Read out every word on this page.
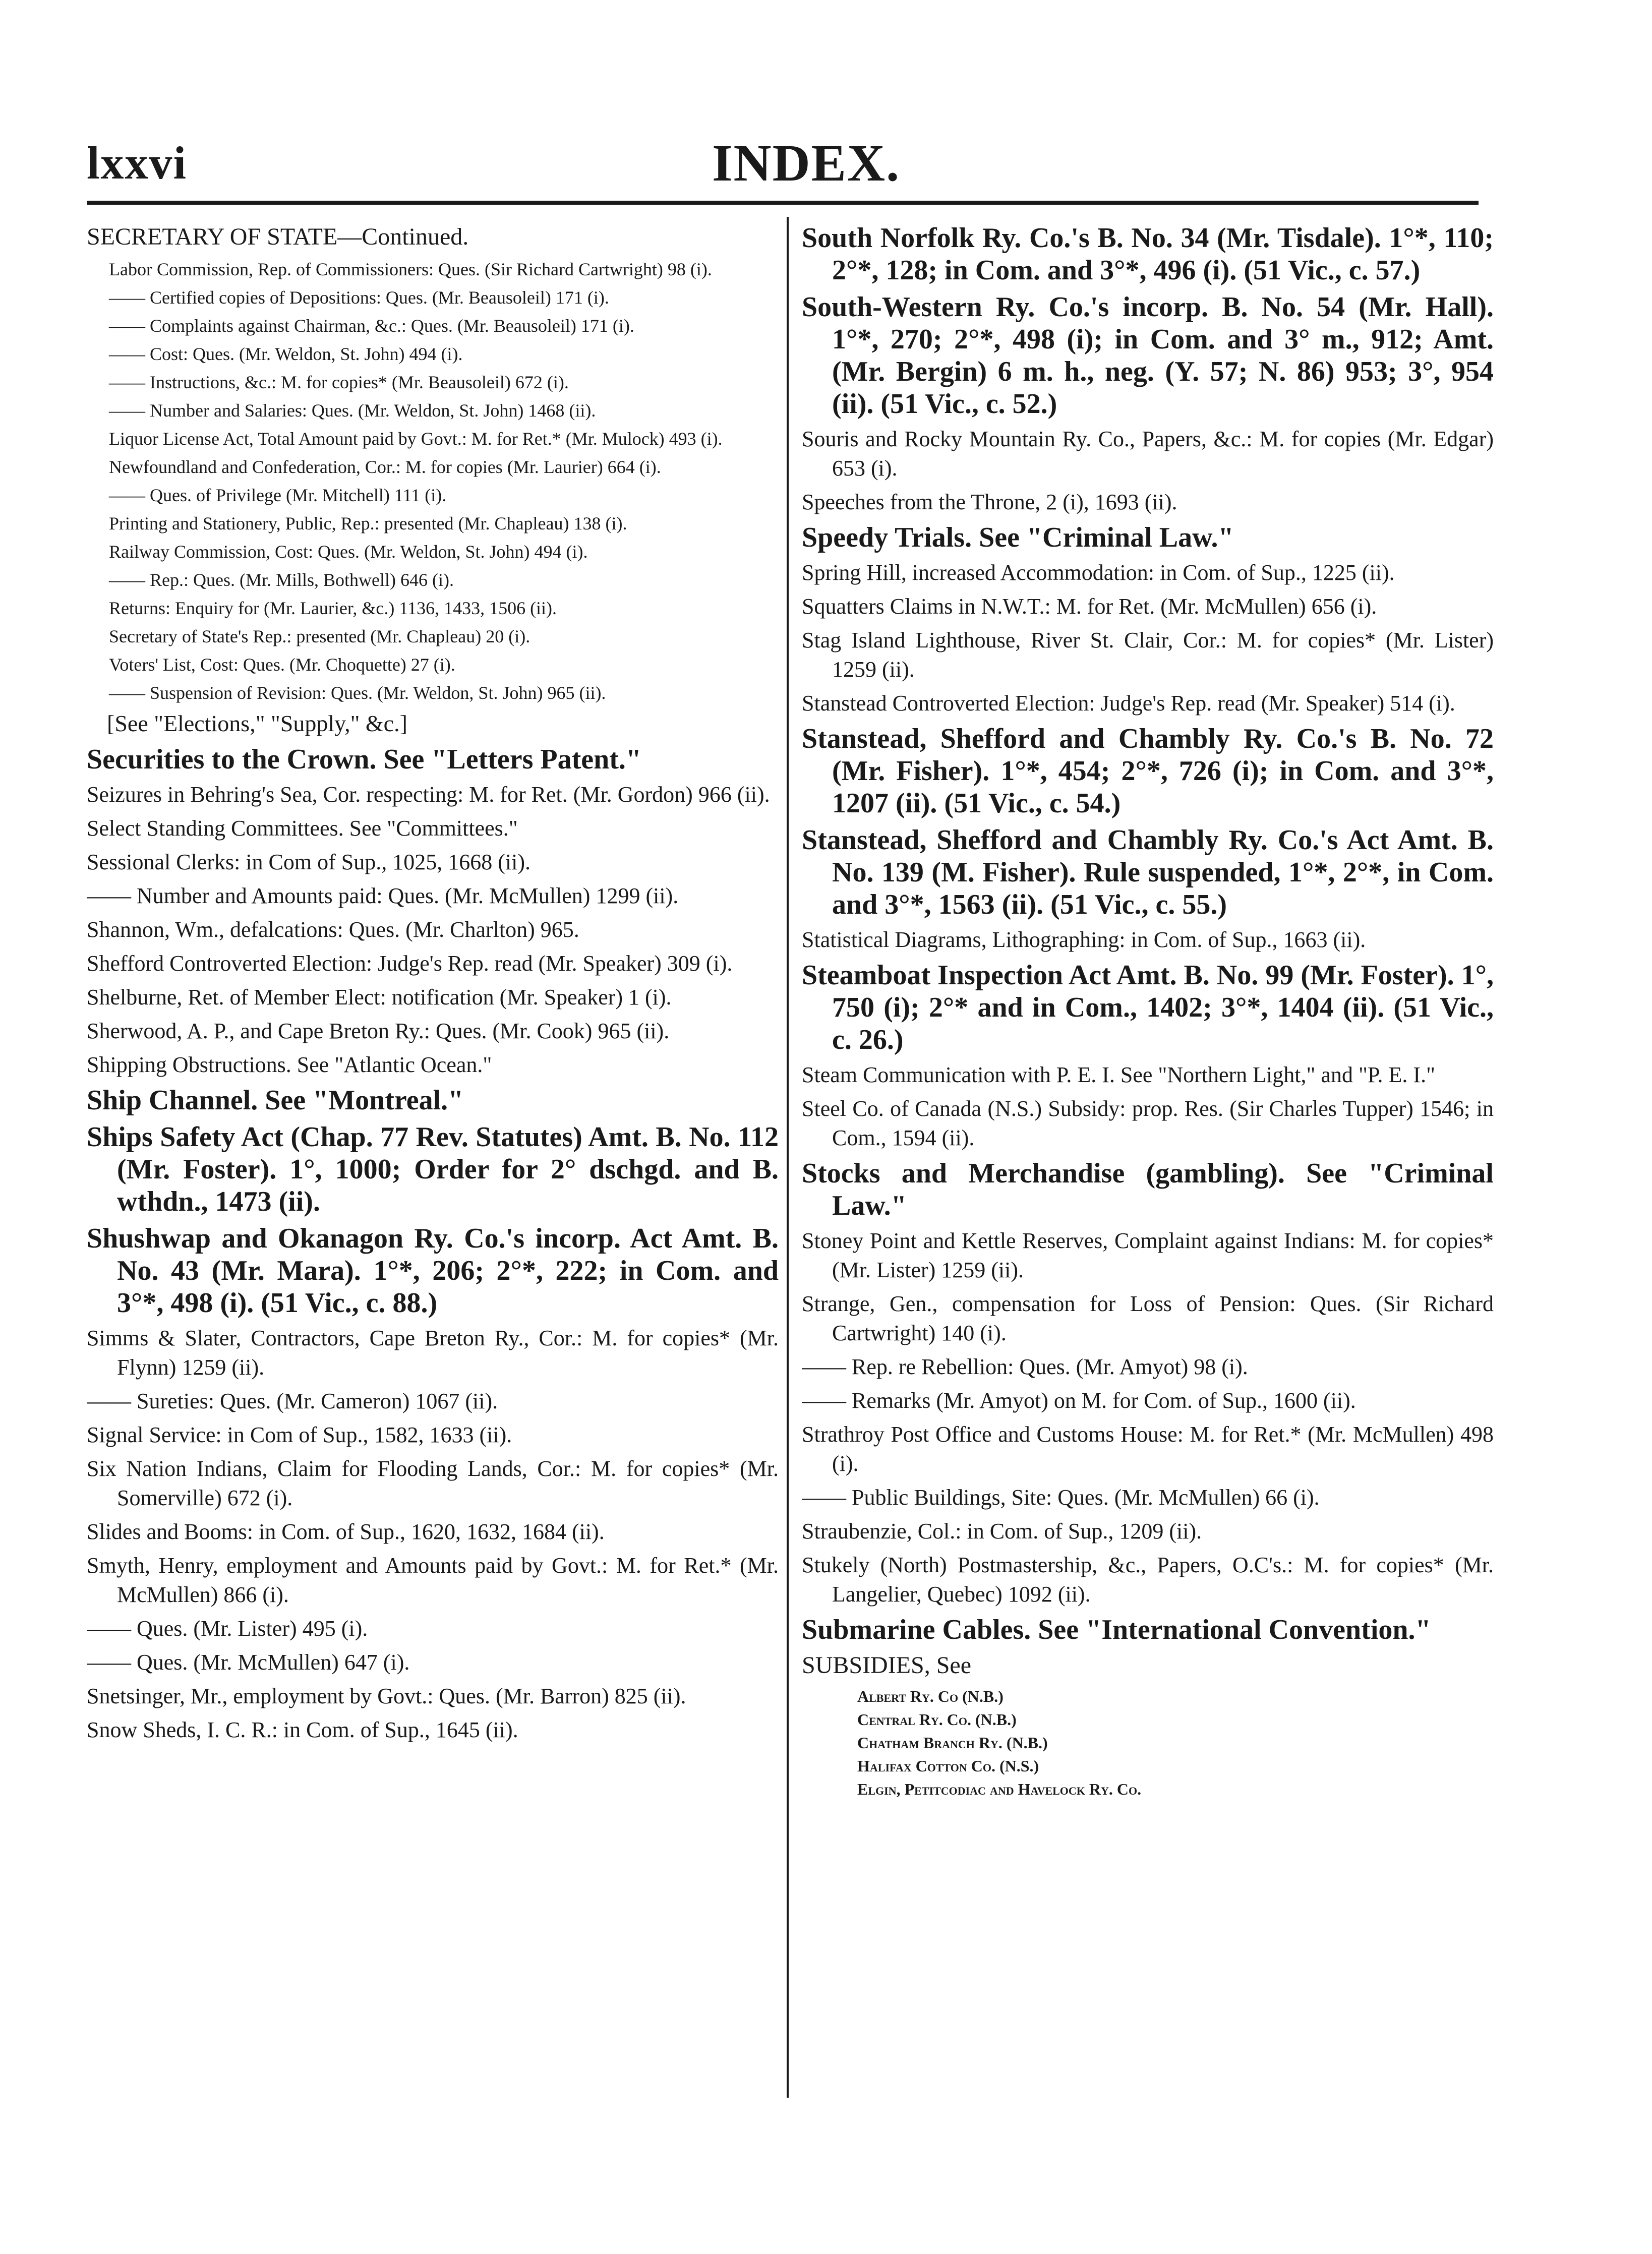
lxxvi	INDEX.

SECRETARY OF STATE—Continued.

Labor Commission, Rep. of Commissioners: Ques. (Sir Richard Cartwright) 98 (i).

—— Certified copies of Depositions: Ques. (Mr. Beausoleil) 171 (i).

—— Complaints against Chairman, &c.: Ques. (Mr. Beausoleil) 171 (i).

—— Cost: Ques. (Mr. Weldon, St. John) 494 (i).

—— Instructions, &c.: M. for copies* (Mr. Beausoleil) 672 (i).

—— Number and Salaries: Ques. (Mr. Weldon, St. John) 1468 (ii).

Liquor License Act, Total Amount paid by Govt.: M. for Ret.* (Mr. Mulock) 493 (i).

Newfoundland and Confederation, Cor.: M. for copies (Mr. Laurier) 664 (i).

—— Ques. of Privilege (Mr. Mitchell) 111 (i).

Printing and Stationery, Public, Rep.: presented (Mr. Chapleau) 138 (i).

Railway Commission, Cost: Ques. (Mr. Weldon, St. John) 494 (i).

—— Rep.: Ques. (Mr. Mills, Bothwell) 646 (i).

Returns: Enquiry for (Mr. Laurier, &c.) 1136, 1433, 1506 (ii).

Secretary of State's Rep.: presented (Mr. Chapleau) 20 (i).

Voters' List, Cost: Ques. (Mr. Choquette) 27 (i).

—— Suspension of Revision: Ques. (Mr. Weldon, St. John) 965 (ii).

[See "Elections," "Supply," &c.]

Securities to the Crown. See "Letters Patent."

Seizures in Behring's Sea, Cor. respecting: M. for Ret. (Mr. Gordon) 966 (ii).

Select Standing Committees. See "Committees."

Sessional Clerks: in Com of Sup., 1025, 1668 (ii).

—— Number and Amounts paid: Ques. (Mr. McMullen) 1299 (ii).

Shannon, Wm., defalcations: Ques. (Mr. Charlton) 965.

Shefford Controverted Election: Judge's Rep. read (Mr. Speaker) 309 (i).

Shelburne, Ret. of Member Elect: notification (Mr. Speaker) 1 (i).

Sherwood, A. P., and Cape Breton Ry.: Ques. (Mr. Cook) 965 (ii).

Shipping Obstructions. See "Atlantic Ocean."

Ship Channel. See "Montreal."

Ships Safety Act (Chap. 77 Rev. Statutes) Amt. B. No. 112 (Mr. Foster). 1°, 1000; Order for 2° dschgd. and B. wthdn., 1473 (ii).

Shushwap and Okanagon Ry. Co.'s incorp. Act Amt. B. No. 43 (Mr. Mara). 1°*, 206; 2°*, 222; in Com. and 3°*, 498 (i). (51 Vic., c. 88.)

Simms & Slater, Contractors, Cape Breton Ry., Cor.: M. for copies* (Mr. Flynn) 1259 (ii).

—— Sureties: Ques. (Mr. Cameron) 1067 (ii).

Signal Service: in Com of Sup., 1582, 1633 (ii).

Six Nation Indians, Claim for Flooding Lands, Cor.: M. for copies* (Mr. Somerville) 672 (i).

Slides and Booms: in Com. of Sup., 1620, 1632, 1684 (ii).

Smyth, Henry, employment and Amounts paid by Govt.: M. for Ret.* (Mr. McMullen) 866 (i).

—— Ques. (Mr. Lister) 495 (i).

—— Ques. (Mr. McMullen) 647 (i).

Snetsinger, Mr., employment by Govt.: Ques. (Mr. Barron) 825 (ii).

Snow Sheds, I. C. R.: in Com. of Sup., 1645 (ii).

South Norfolk Ry. Co.'s B. No. 34 (Mr. Tisdale). 1°*, 110; 2°*, 128; in Com. and 3°*, 496 (i). (51 Vic., c. 57.)

South-Western Ry. Co.'s incorp. B. No. 54 (Mr. Hall). 1°*, 270; 2°*, 498 (i); in Com. and 3° m., 912; Amt. (Mr. Bergin) 6 m. h., neg. (Y. 57; N. 86) 953; 3°, 954 (ii). (51 Vic., c. 52.)

Souris and Rocky Mountain Ry. Co., Papers, &c.: M. for copies (Mr. Edgar) 653 (i).

Speeches from the Throne, 2 (i), 1693 (ii).

Speedy Trials. See "Criminal Law."

Spring Hill, increased Accommodation: in Com. of Sup., 1225 (ii).

Squatters Claims in N.W.T.: M. for Ret. (Mr. McMullen) 656 (i).

Stag Island Lighthouse, River St. Clair, Cor.: M. for copies* (Mr. Lister) 1259 (ii).

Stanstead Controverted Election: Judge's Rep. read (Mr. Speaker) 514 (i).

Stanstead, Shefford and Chambly Ry. Co.'s B. No. 72 (Mr. Fisher). 1°*, 454; 2°*, 726 (i); in Com. and 3°*, 1207 (ii). (51 Vic., c. 54.)

Stanstead, Shefford and Chambly Ry. Co.'s Act Amt. B. No. 139 (M. Fisher). Rule suspended, 1°*, 2°*, in Com. and 3°*, 1563 (ii). (51 Vic., c. 55.)

Statistical Diagrams, Lithographing: in Com. of Sup., 1663 (ii).

Steamboat Inspection Act Amt. B. No. 99 (Mr. Foster). 1°, 750 (i); 2°* and in Com., 1402; 3°*, 1404 (ii). (51 Vic., c. 26.)

Steam Communication with P. E. I. See "Northern Light," and "P. E. I."

Steel Co. of Canada (N.S.) Subsidy: prop. Res. (Sir Charles Tupper) 1546; in Com., 1594 (ii).

Stocks and Merchandise (gambling). See "Criminal Law."

Stoney Point and Kettle Reserves, Complaint against Indians: M. for copies* (Mr. Lister) 1259 (ii).

Strange, Gen., compensation for Loss of Pension: Ques. (Sir Richard Cartwright) 140 (i).

—— Rep. re Rebellion: Ques. (Mr. Amyot) 98 (i).

—— Remarks (Mr. Amyot) on M. for Com. of Sup., 1600 (ii).

Strathroy Post Office and Customs House: M. for Ret.* (Mr. McMullen) 498 (i).

—— Public Buildings, Site: Ques. (Mr. McMullen) 66 (i).

Straubenzie, Col.: in Com. of Sup., 1209 (ii).

Stukely (North) Postmastership, &c., Papers, O.C's.: M. for copies* (Mr. Langelier, Quebec) 1092 (ii).

Submarine Cables. See "International Convention."

SUBSIDIES, See

Albert Ry. Co (N.B.)

Central Ry. Co. (N.B.)

Chatham Branch Ry. (N.B.)

Halifax Cotton Co. (N.S.)

Elgin, Petitcodiac and Havelock Ry. Co.
